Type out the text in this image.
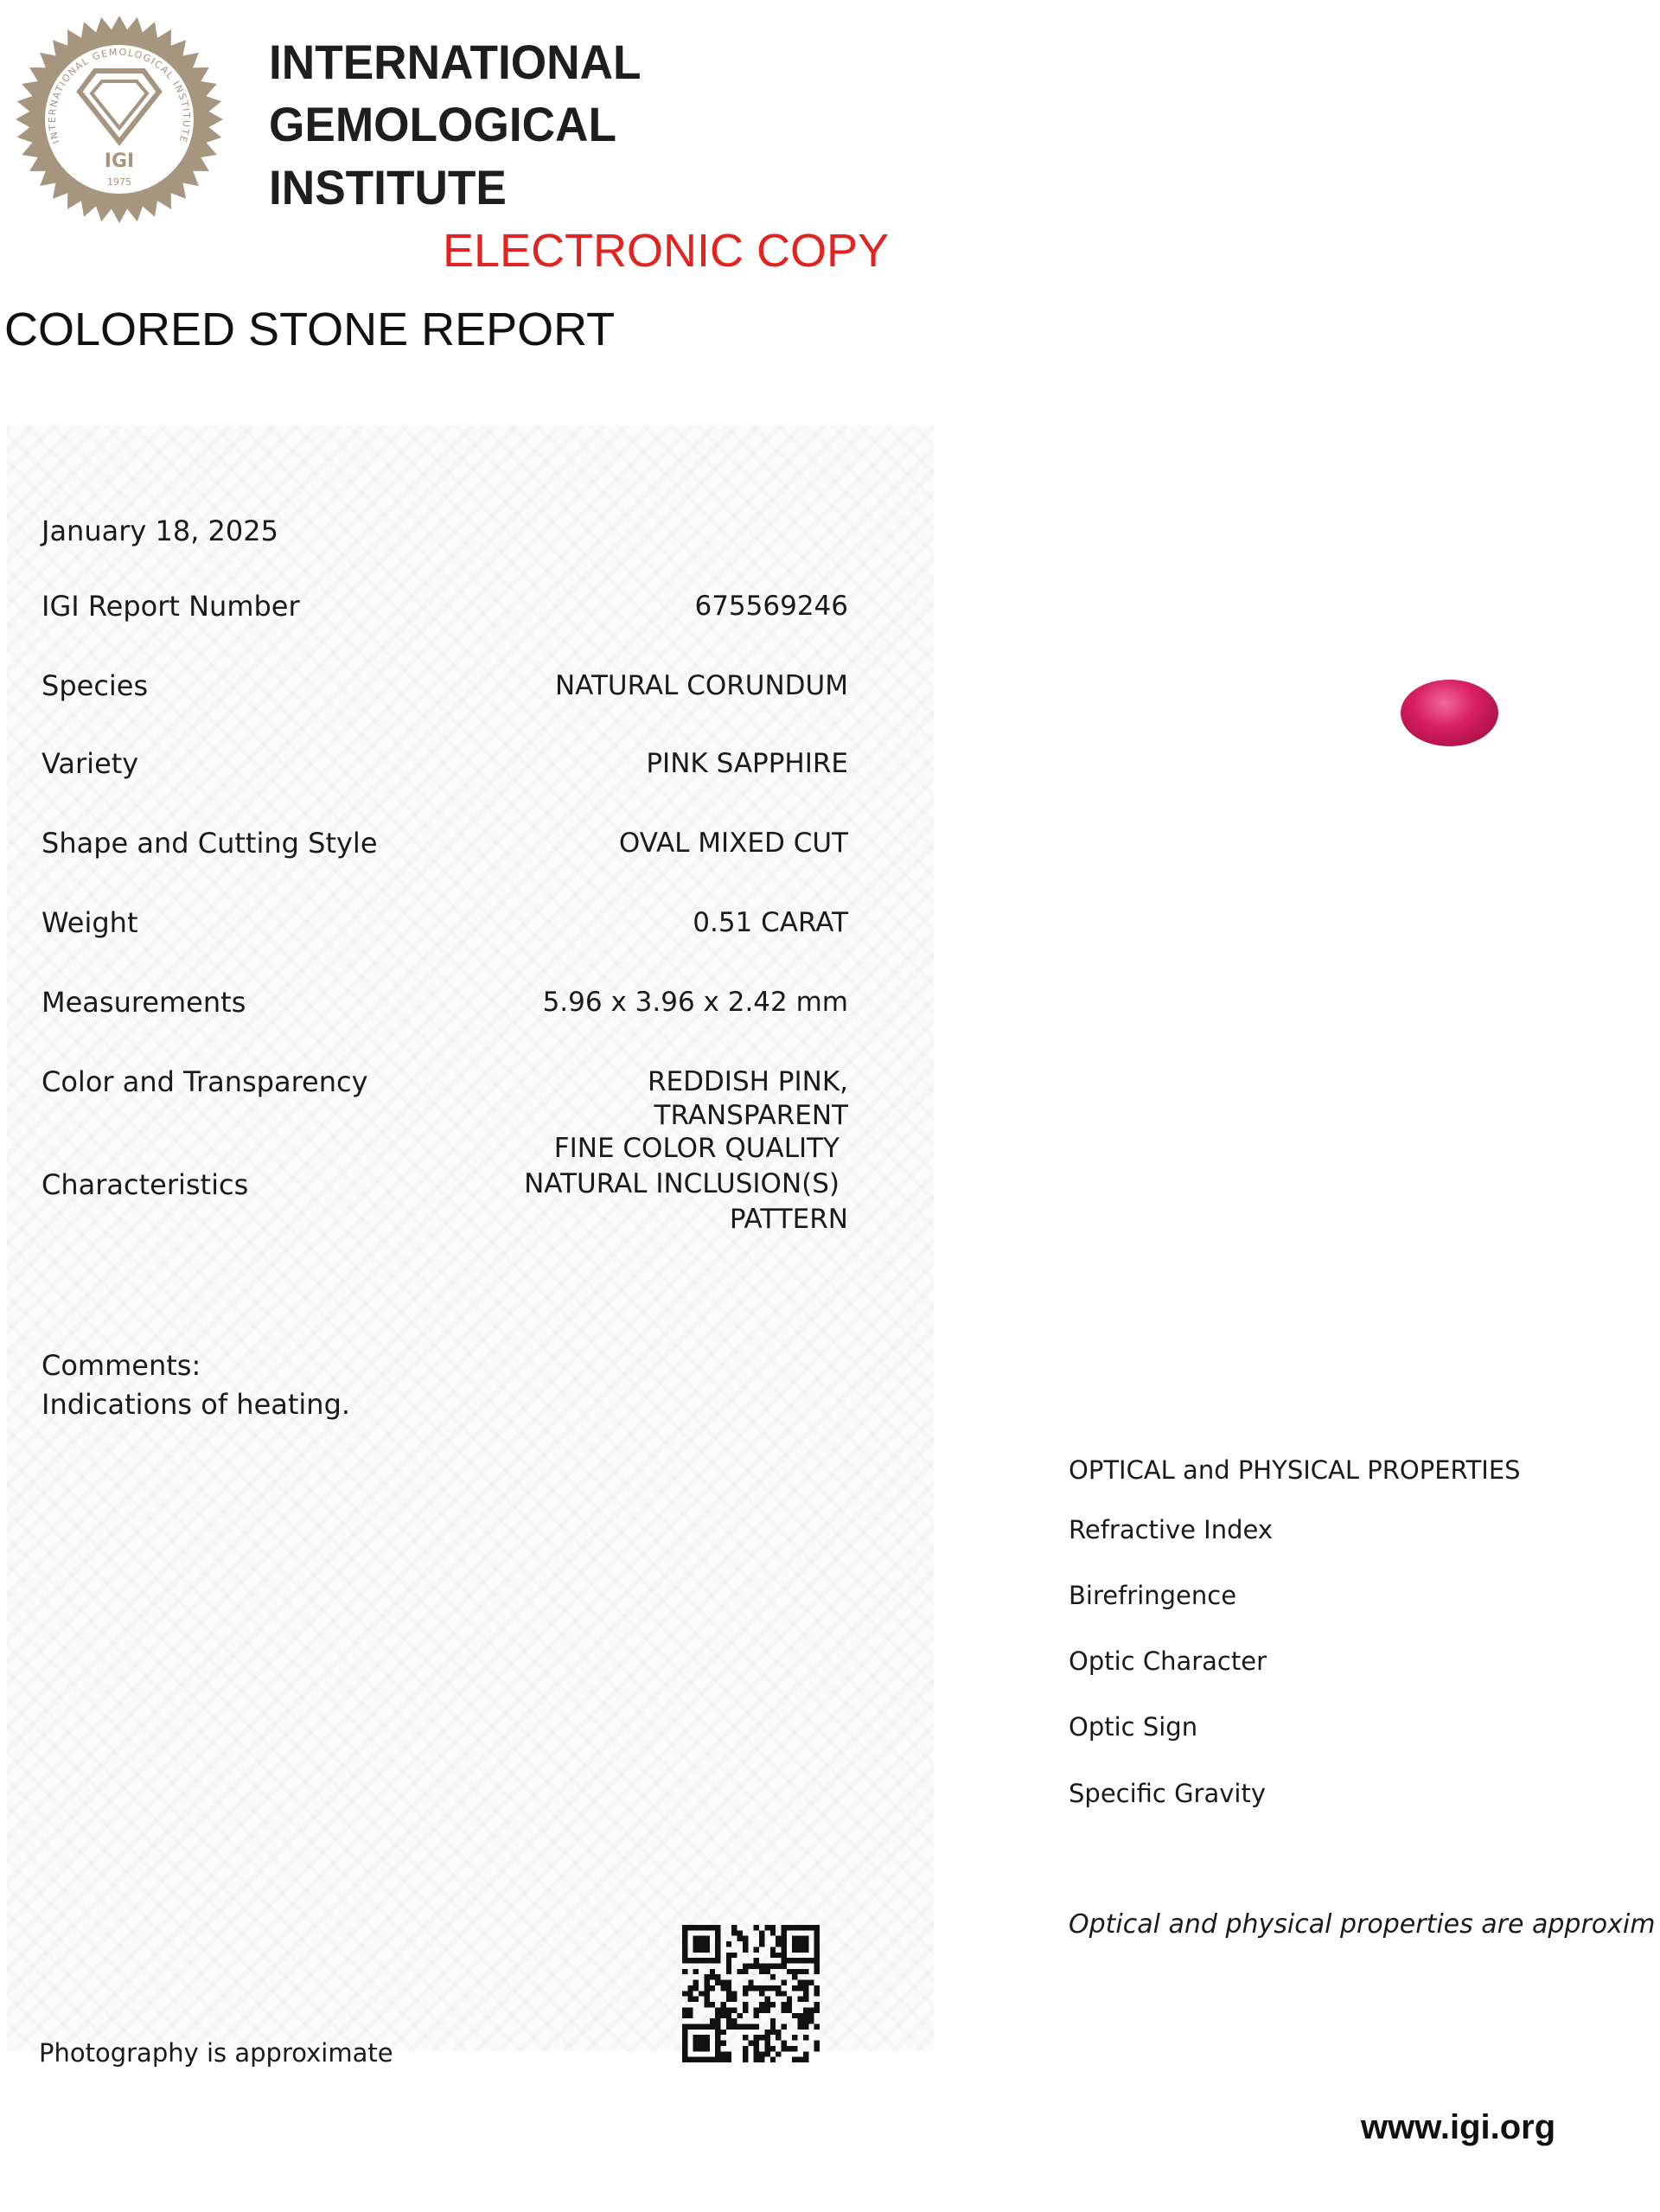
INTERNATIONAL GEMOLOGICAL INSTITUTE
IGI
1975
INTERNATIONAL
GEMOLOGICAL
INSTITUTE
ELECTRONIC COPY
COLORED STONE REPORT
January 18, 2025
IGI Report Number	675569246
Species	NATURAL CORUNDUM
Variety	PINK SAPPHIRE
Shape and Cutting Style	OVAL MIXED CUT
Weight	0.51 CARAT
Measurements	5.96 x 3.96 x 2.42 mm
Color and Transparency	REDDISH PINK,
TRANSPARENT
Characteristics
FINE COLOR QUALITY
NATURAL INCLUSION(S)
PATTERN
Comments:
Indications of heating.
OPTICAL and PHYSICAL PROPERTIES
Refractive Index
Birefringence
Optic Character
Optic Sign
Specific Gravity
Optical and physical properties are approxim
Photography is approximate
www.igi.org
